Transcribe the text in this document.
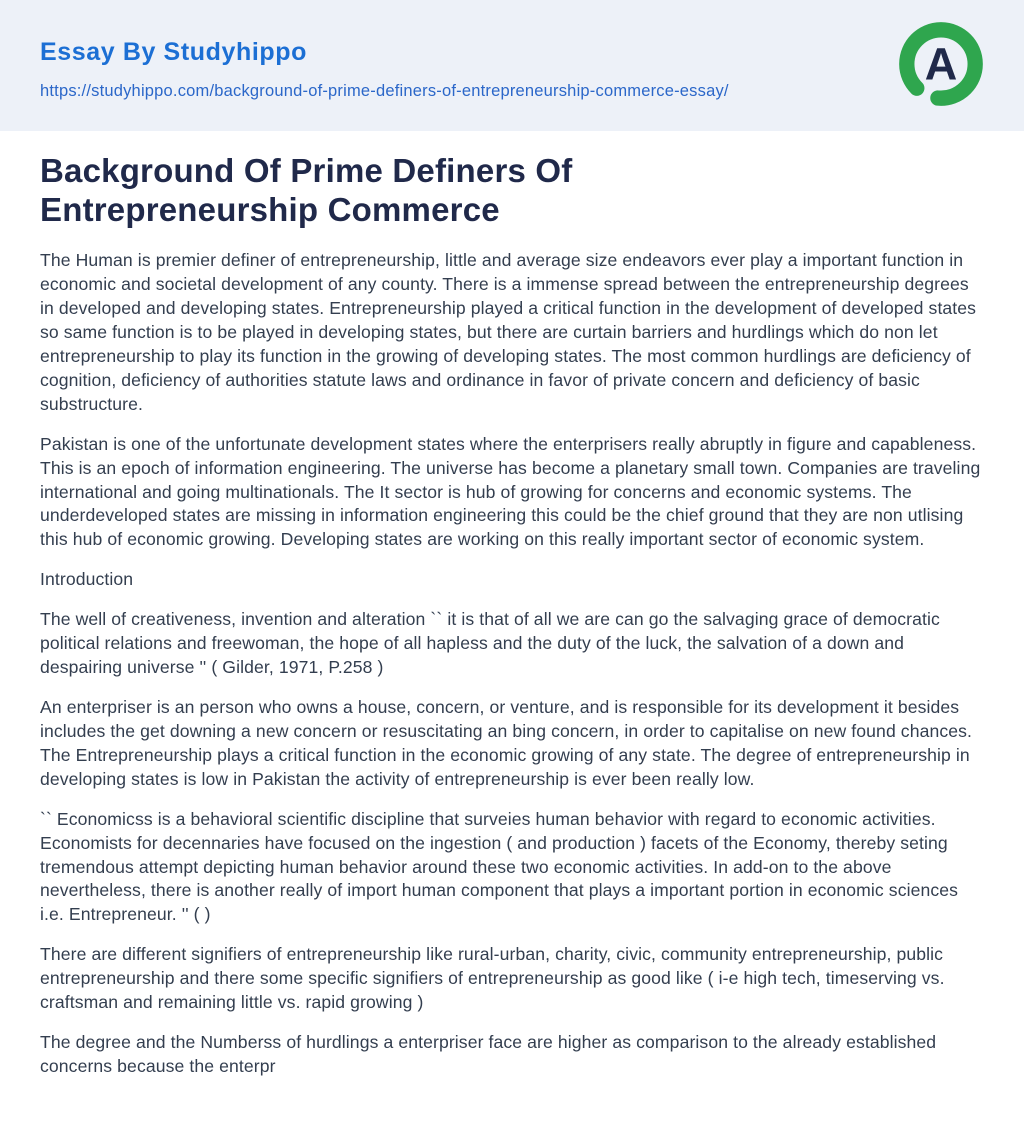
Essay By Studyhippo
https://studyhippo.com/background-of-prime-definers-of-entrepreneurship-commerce-essay/
A
Background Of Prime Definers Of Entrepreneurship Commerce

The Human is premier definer of entrepreneurship, little and average size endeavors ever play a important function in economic and societal development of any county. There is a immense spread between the entrepreneurship degrees in developed and developing states. Entrepreneurship played a critical function in the development of developed states so same function is to be played in developing states, but there are curtain barriers and hurdlings which do non let entrepreneurship to play its function in the growing of developing states. The most common hurdlings are deficiency of cognition, deficiency of authorities statute laws and ordinance in favor of private concern and deficiency of basic substructure.

Pakistan is one of the unfortunate development states where the enterprisers really abruptly in figure and capableness. This is an epoch of information engineering. The universe has become a planetary small town. Companies are traveling international and going multinationals. The It sector is hub of growing for concerns and economic systems. The underdeveloped states are missing in information engineering this could be the chief ground that they are non utlising this hub of economic growing. Developing states are working on this really important sector of economic system.

Introduction

The well of creativeness, invention and alteration `` it is that of all we are can go the salvaging grace of democratic political relations and freewoman, the hope of all hapless and the duty of the luck, the salvation of a down and despairing universe '' ( Gilder, 1971, P.258 )

An enterpriser is an person who owns a house, concern, or venture, and is responsible for its development it besides includes the get downing a new concern or resuscitating an bing concern, in order to capitalise on new found chances. The Entrepreneurship plays a critical function in the economic growing of any state. The degree of entrepreneurship in developing states is low in Pakistan the activity of entrepreneurship is ever been really low.

`` Economicss is a behavioral scientific discipline that surveies human behavior with regard to economic activities. Economists for decennaries have focused on the ingestion ( and production ) facets of the Economy, thereby seting tremendous attempt depicting human behavior around these two economic activities. In add-on to the above nevertheless, there is another really of import human component that plays a important portion in economic sciences i.e. Entrepreneur. '' ( )

There are different signifiers of entrepreneurship like rural-urban, charity, civic, community entrepreneurship, public entrepreneurship and there some specific signifiers of entrepreneurship as good like ( i-e high tech, timeserving vs. craftsman and remaining little vs. rapid growing )

The degree and the Numberss of hurdlings a enterpriser face are higher as comparison to the already established concerns because the enterpr
